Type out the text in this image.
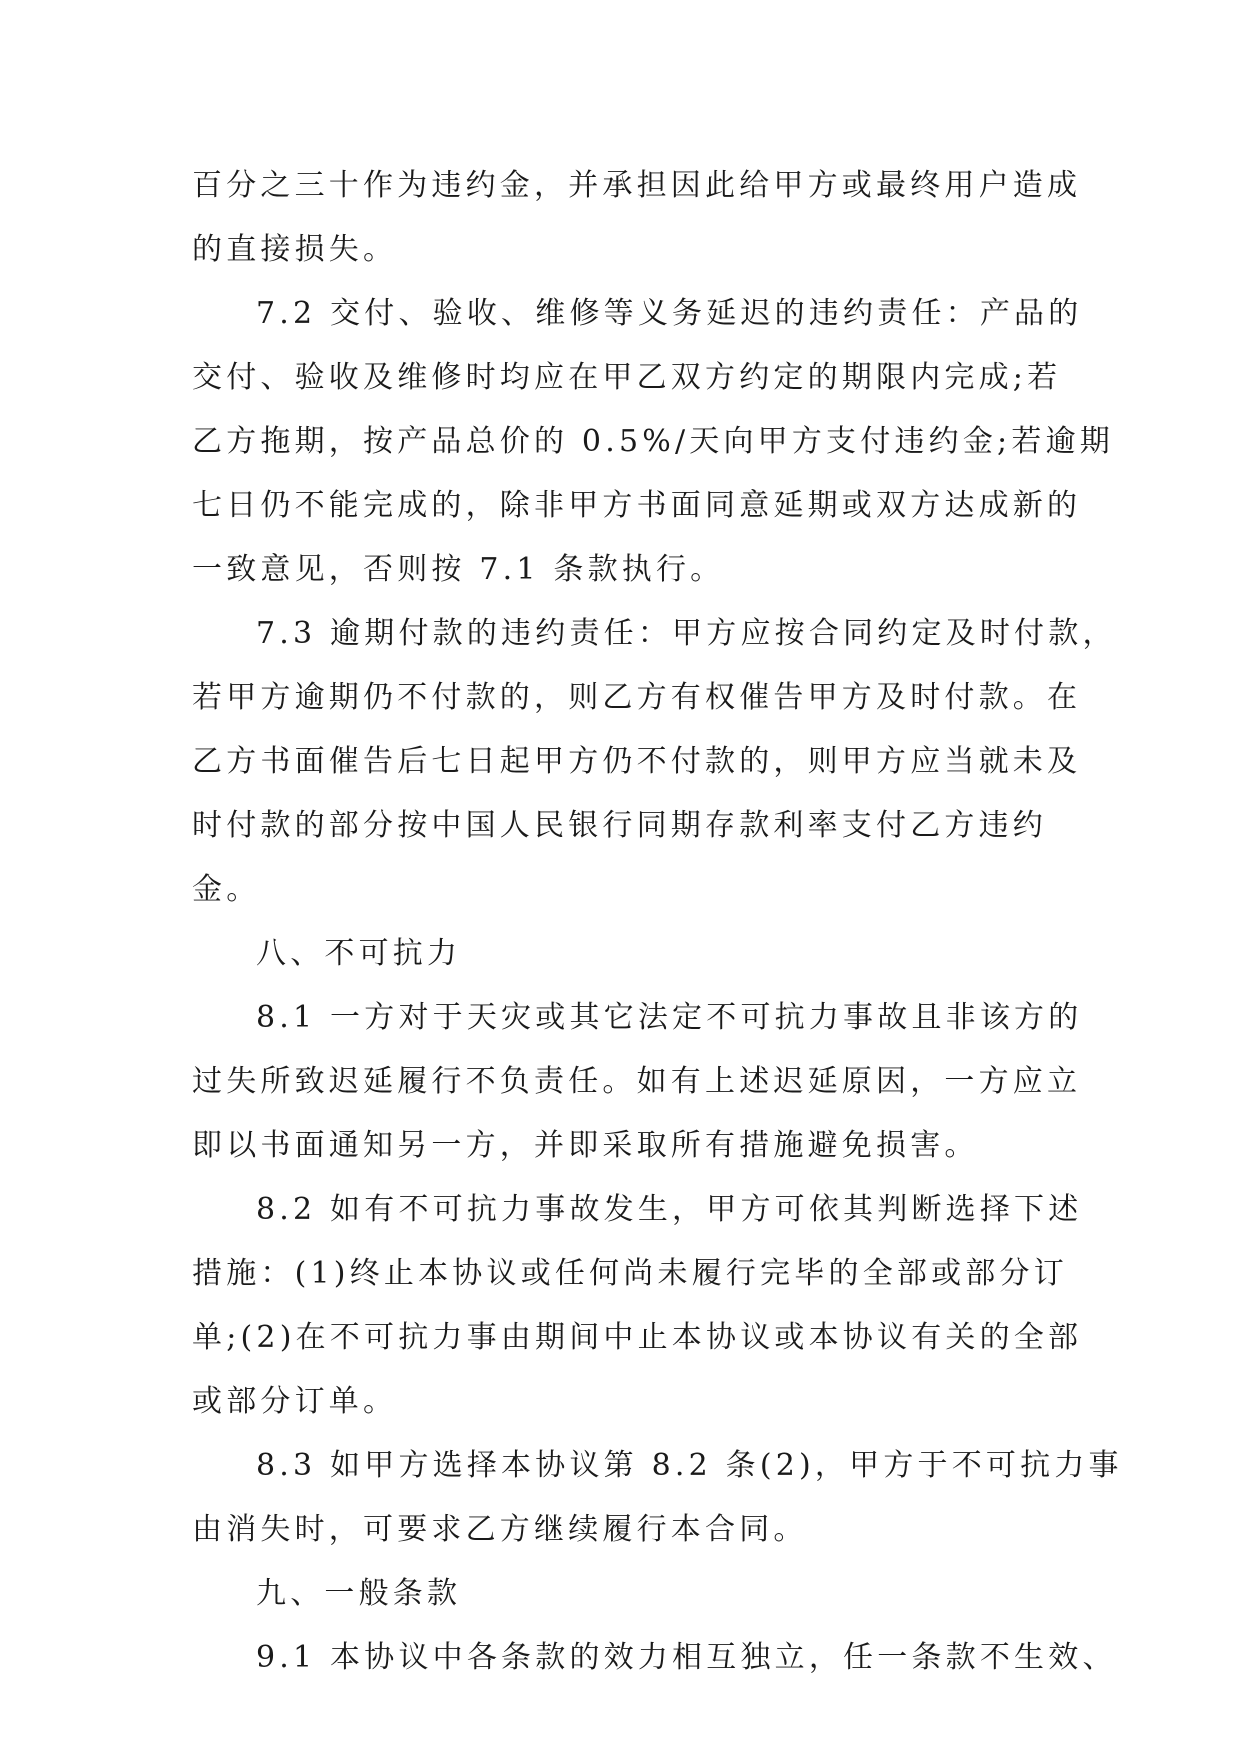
百分之三十作为违约金，并承担因此给甲方或最终用户造成
的直接损失。
7.2 交付、验收、维修等义务延迟的违约责任：产品的
交付、验收及维修时均应在甲乙双方约定的期限内完成;若
乙方拖期，按产品总价的 0.5%/天向甲方支付违约金;若逾期
七日仍不能完成的，除非甲方书面同意延期或双方达成新的
一致意见，否则按 7.1 条款执行。
7.3 逾期付款的违约责任：甲方应按合同约定及时付款，
若甲方逾期仍不付款的，则乙方有权催告甲方及时付款。在
乙方书面催告后七日起甲方仍不付款的，则甲方应当就未及
时付款的部分按中国人民银行同期存款利率支付乙方违约
金。
八、不可抗力
8.1 一方对于天灾或其它法定不可抗力事故且非该方的
过失所致迟延履行不负责任。如有上述迟延原因，一方应立
即以书面通知另一方，并即采取所有措施避免损害。
8.2 如有不可抗力事故发生，甲方可依其判断选择下述
措施：(1)终止本协议或任何尚未履行完毕的全部或部分订
单;(2)在不可抗力事由期间中止本协议或本协议有关的全部
或部分订单。
8.3 如甲方选择本协议第 8.2 条(2)，甲方于不可抗力事
由消失时，可要求乙方继续履行本合同。
九、一般条款
9.1 本协议中各条款的效力相互独立，任一条款不生效、
